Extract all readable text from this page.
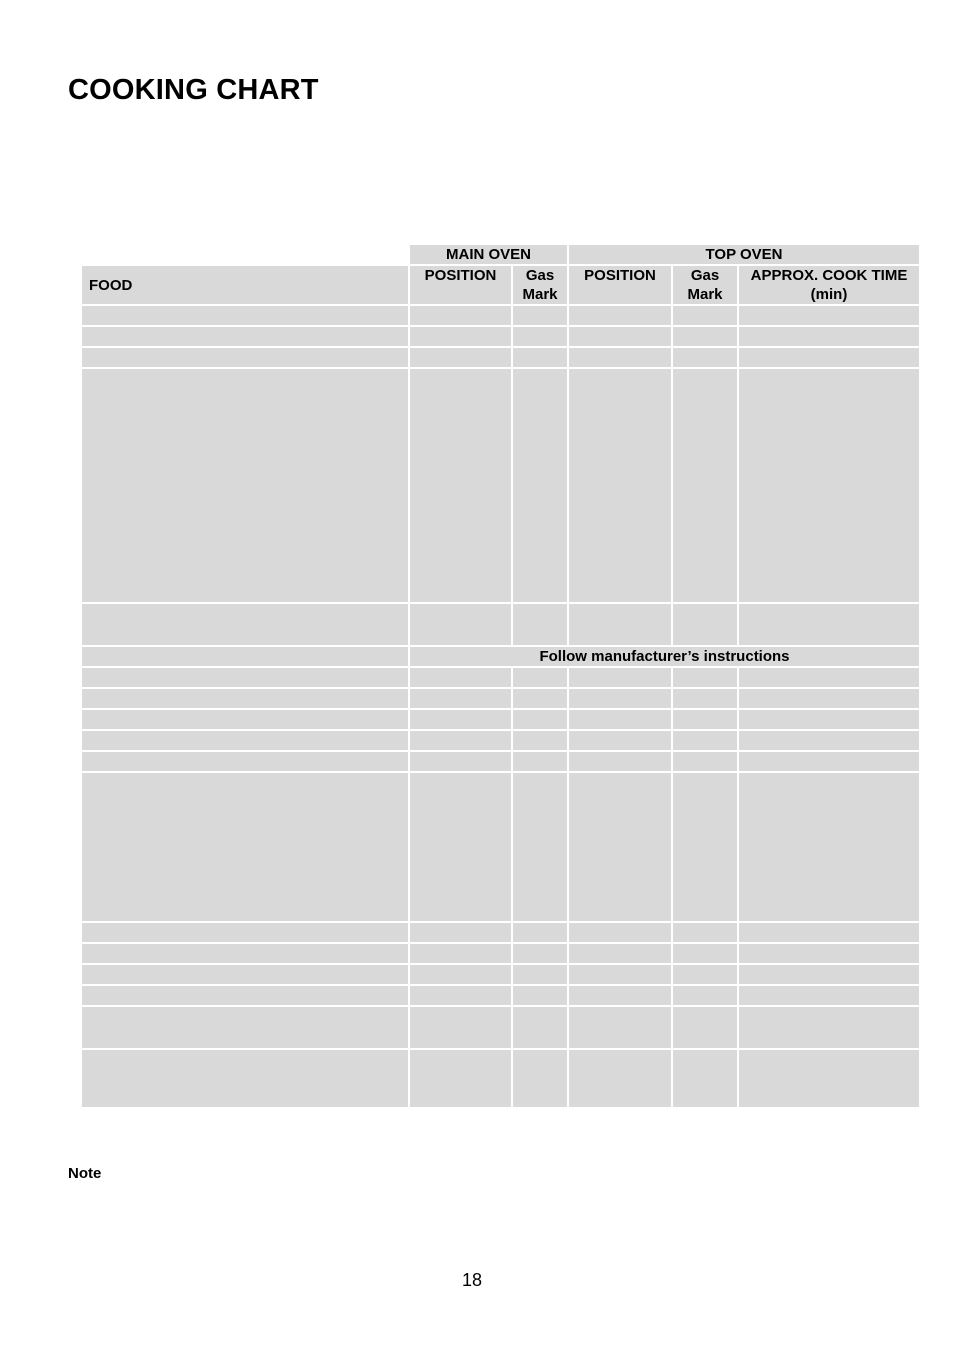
COOKING CHART
	MAIN OVEN		TOP OVEN		
FOOD	POSITION	Gas Mark	POSITION	Gas Mark	APPROX. COOK TIME (min)

	Follow manufacturer’s instructions				

Note
18
